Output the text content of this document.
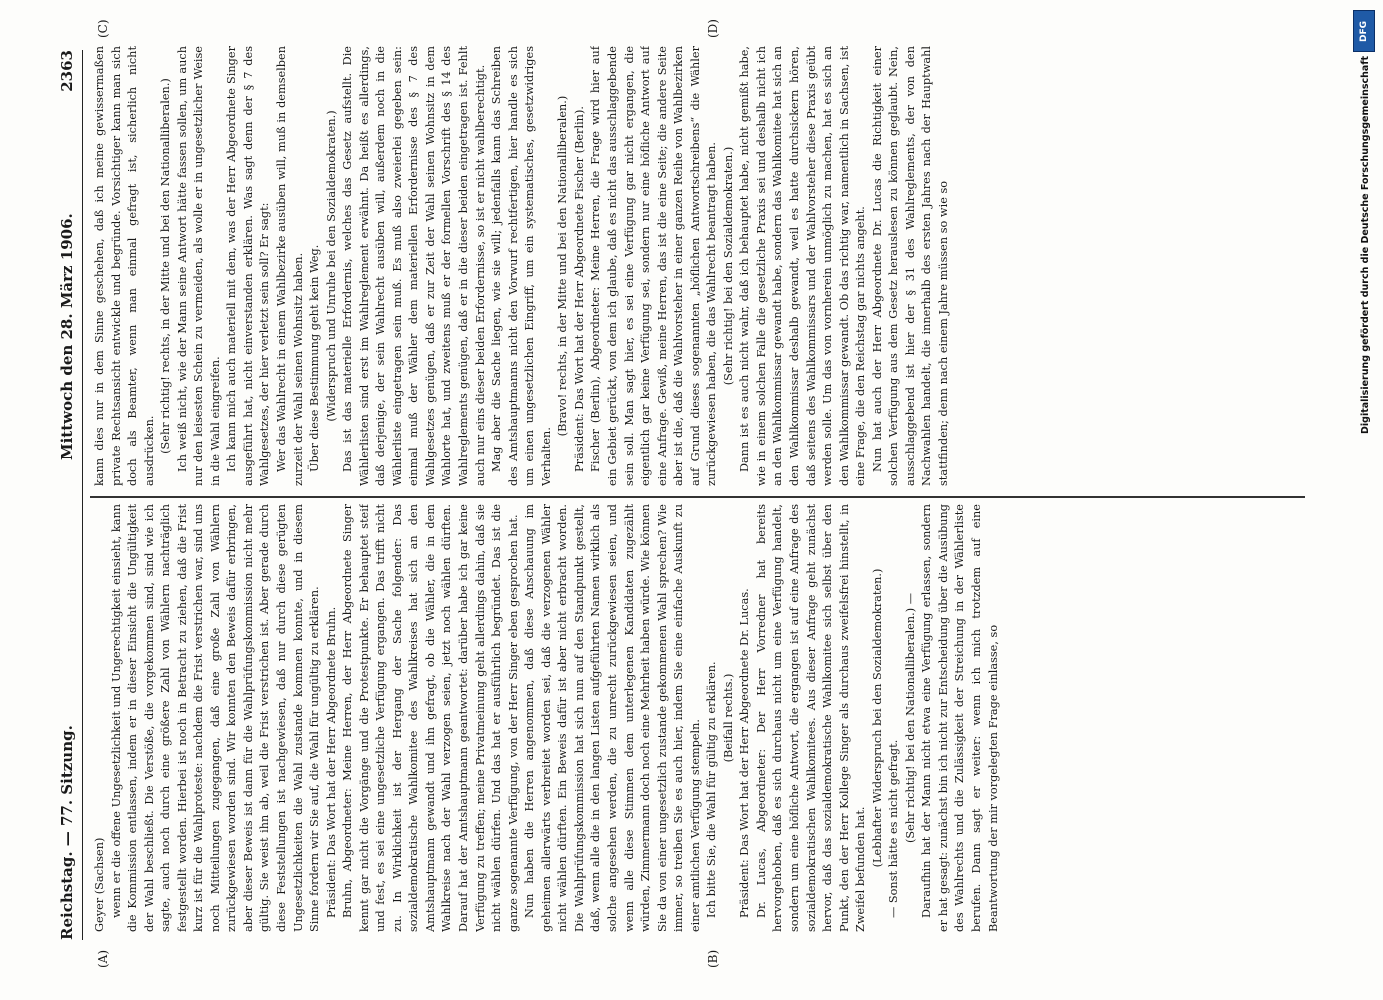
Reichstag. — 77. Sitzung.
Mittwoch den 28. März 1906.
2363
(A)	(B)
(C)	(D)

Geyer (Sachsen) wenn er die offene Ungesetzlichkeit und Ungerechtigkeit einsieht, kann die Kommission entlassen, indem er in dieser Einsicht die Ungültigkeit der Wahl beschließt. Die Verstöße, die vorgekommen sind, sind wie ich sagte, auch noch durch eine größere Zahl von Wählern nachträglich festgestellt worden. Hierbei ist noch in Betracht zu ziehen, daß die Frist kurz ist für die Wahlproteste: nachdem die Frist verstrichen war, sind uns noch Mitteilungen zugegangen, daß eine große Zahl von Wählern zurückgewiesen worden sind. Wir konnten den Beweis dafür erbringen, aber dieser Beweis ist dann für die Wahlprüfungskommission nicht mehr gültig. Sie weist ihn ab, weil die Frist verstrichen ist. Aber gerade durch diese Feststellungen ist nachgewiesen, daß nur durch diese gerügten Ungesetzlichkeiten die Wahl zustande kommen konnte, und in diesem Sinne fordern wir Sie auf, die Wahl für ungültig zu erklären. Präsident: Das Wort hat der Herr Abgeordnete Bruhn. Bruhn, Abgeordneter: Meine Herren, der Herr Abgeordnete Singer kennt gar nicht die Vorgänge und die Protestpunkte. Er behauptet steif und fest, es sei eine ungesetzliche Verfügung ergangen. Das trifft nicht zu. In Wirklichkeit ist der Hergang der Sache folgender: Das sozialdemokratische Wahlkomitee des Wahlkreises hat sich an den Amtshauptmann gewandt und ihn gefragt, ob die Wähler, die in dem Wahlkreise nach der Wahl verzogen seien, jetzt noch wählen dürften. Darauf hat der Amtshauptmann geantwortet: darüber habe ich gar keine Verfügung zu treffen; meine Privatmeinung geht allerdings dahin, daß sie nicht wählen dürfen. Und das hat er ausführlich begründet. Das ist die ganze sogenannte Verfügung, von der Herr Singer eben gesprochen hat. Nun haben die Herren angenommen, daß diese Anschauung im geheimen allerwärts verbreitet worden sei, daß die verzogenen Wähler nicht wählen dürften. Ein Beweis dafür ist aber nicht erbracht worden. Die Wahlprüfungskommission hat sich nun auf den Standpunkt gestellt, daß, wenn alle die in den langen Listen aufgeführten Namen wirklich als solche angesehen werden, die zu unrecht zurückgewiesen seien, und wenn alle diese Stimmen dem unterlegenen Kandidaten zugezählt würden, Zimmermann doch noch eine Mehrheit haben würde. Wie können Sie da von einer ungesetzlich zustande gekommenen Wahl sprechen? Wie immer, so treiben Sie es auch hier, indem Sie eine einfache Auskunft zu einer amtlichen Verfügung stempeln. Ich bitte Sie, die Wahl für gültig zu erklären. (Beifall rechts.) Präsident: Das Wort hat der Herr Abgeordnete Dr. Lucas. Dr. Lucas, Abgeordneter: Der Herr Vorredner hat bereits hervorgehoben, daß es sich durchaus nicht um eine Verfügung handelt, sondern um eine höfliche Antwort, die ergangen ist auf eine Anfrage des sozialdemokratischen Wahlkomitees. Aus dieser Anfrage geht zunächst hervor, daß das sozialdemokratische Wahlkomitee sich selbst über den Punkt, den der Herr Kollege Singer als durchaus zweifelsfrei hinstellt, in Zweifel befunden hat.

(Lebhafter Widerspruch bei den Sozialdemokraten.) — Sonst hätte es nicht gefragt. (Sehr richtig! bei den Nationalliberalen.) — Daraufhin hat der Mann nicht etwa eine Verfügung erlassen, sondern er hat gesagt: zunächst bin ich nicht zur Entscheidung über die Ausübung des Wahlrechts und die Zulässigkeit der Streichung in der Wählerliste berufen. Dann sagt er weiter: wenn ich mich trotzdem auf eine Beantwortung der mir vorgelegten Frage einlasse, so

kann dies nur in dem Sinne geschehen, daß ich meine gewissermaßen private Rechtsansicht entwickle und begründe. Vorsichtiger kann man sich doch als Beamter, wenn man einmal gefragt ist, sicherlich nicht ausdrücken. (Sehr richtig! rechts, in der Mitte und bei den Nationalliberalen.) Ich weiß nicht, wie der Mann seine Antwort hätte fassen sollen, um auch nur den leisesten Schein zu vermeiden, als wolle er in ungesetzlicher Weise in die Wahl eingreifen. Ich kann mich auch materiell mit dem, was der Herr Abgeordnete Singer ausgeführt hat, nicht einverstanden erklären. Was sagt denn der § 7 des Wahlgesetzes, der hier verletzt sein soll? Er sagt: Wer das Wahlrecht in einem Wahlbezirke ausüben will, muß in demselben zurzeit der Wahl seinen Wohnsitz haben. Über diese Bestimmung geht kein Weg. (Widerspruch und Unruhe bei den Sozialdemokraten.) Das ist das materielle Erfordernis, welches das Gesetz aufstellt. Die Wählerlisten sind erst im Wahlreglement erwähnt. Da heißt es allerdings, daß derjenige, der sein Wahlrecht ausüben will, außerdem noch in die Wählerliste eingetragen sein muß. Es muß also zweierlei gegeben sein: einmal muß der Wähler dem materiellen Erfordernisse des § 7 des Wahlgesetzes genügen, daß er zur Zeit der Wahl seinen Wohnsitz in dem Wahlorte hat, und zweitens muß er der formellen Vorschrift des § 14 des Wahlreglements genügen, daß er in die dieser beiden eingetragen ist. Fehlt auch nur eins dieser beiden Erfordernisse, so ist er nicht wahlberechtigt. Mag aber die Sache liegen, wie sie will; jedenfalls kann das Schreiben des Amtshauptmanns nicht den Vorwurf rechtfertigen, hier handle es sich um einen ungesetzlichen Eingriff, um ein systematisches, gesetzwidriges Verhalten.

(Bravo! rechts, in der Mitte und bei den Nationalliberalen.) Präsident: Das Wort hat der Herr Abgeordnete Fischer (Berlin). Fischer (Berlin), Abgeordneter: Meine Herren, die Frage wird hier auf ein Gebiet gerückt, von dem ich glaube, daß es nicht das ausschlaggebende sein soll. Man sagt hier, es sei eine Verfügung gar nicht ergangen, die eigentlich gar keine Verfügung sei, sondern nur eine höfliche Antwort auf eine Anfrage. Gewiß, meine Herren, das ist die eine Seite; die andere Seite aber ist die, daß die Wahlvorsteher in einer ganzen Reihe von Wahlbezirken auf Grund dieses sogenannten „höflichen Antwortschreibens“ die Wähler zurückgewiesen haben, die das Wahlrecht beantragt haben. (Sehr richtig! bei den Sozialdemokraten.) Dann ist es auch nicht wahr, daß ich behauptet habe, nicht gemißt habe, wie in einem solchen Falle die gesetzliche Praxis sei und deshalb nicht ich an den Wahlkommissar gewandt habe, sondern das Wahlkomitee hat sich an den Wahlkommissar deshalb gewandt, weil es hatte durchsickern hören, daß seitens des Wahlkommissars und der Wahlvorsteher diese Praxis geübt werden solle. Um das von vornherein unmöglich zu machen, hat es sich an den Wahlkommissar gewandt. Ob das richtig war, namentlich in Sachsen, ist eine Frage, die den Reichstag gar nichts angeht. Nun hat auch der Herr Abgeordnete Dr. Lucas die Richtigkeit einer solchen Verfügung aus dem Gesetz herauslesen zu können geglaubt. Nein, ausschlaggebend ist hier der § 31 des Wahlreglements, der von den Nachwahlen handelt, die innerhalb des ersten Jahres nach der Hauptwahl stattfinden; denn nach einem Jahre müssen so wie so

DFG
Digitalisierung gefördert durch die Deutsche Forschungsgemeinschaft
